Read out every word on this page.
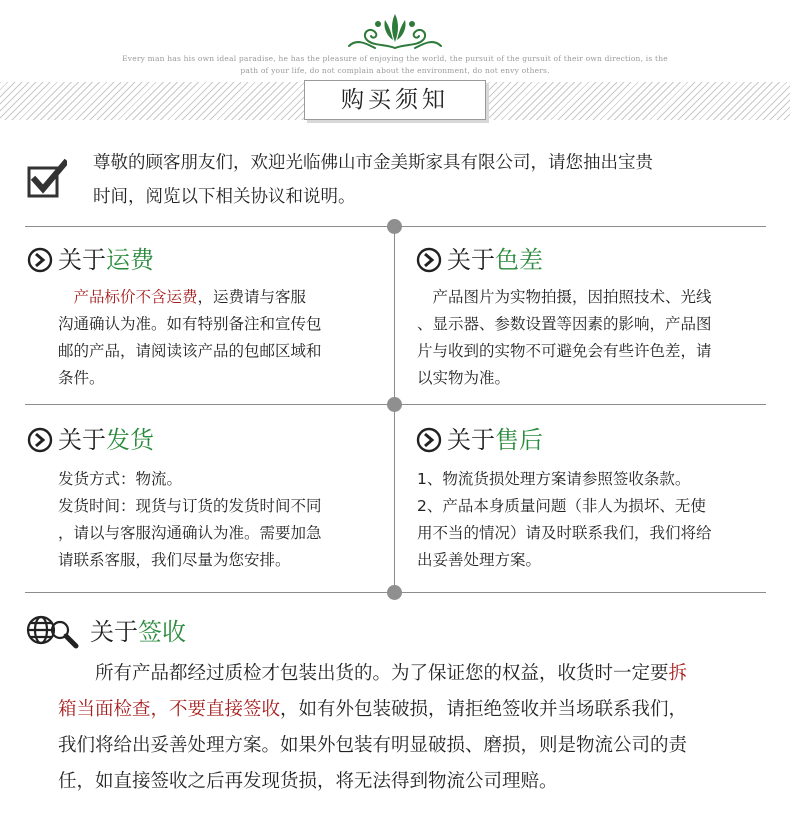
Every man has his own ideal paradise, he has the pleasure of enjoying the world, the pursuit of the gursuit of their own direction, is the
path of your life, do not complain about the environment, do not envy others.
购买须知
尊敬的顾客朋友们，欢迎光临佛山市金美斯家具有限公司，请您抽出宝贵
时间，阅览以下相关协议和说明。
关于运费
　产品标价不含运费，运费请与客服
沟通确认为准。如有特别备注和宣传包
邮的产品，请阅读该产品的包邮区域和
条件。
关于色差
　产品图片为实物拍摄，因拍照技术、光线
、显示器、参数设置等因素的影响，产品图
片与收到的实物不可避免会有些许色差，请
以实物为准。
关于发货
发货方式：物流。
发货时间：现货与订货的发货时间不同
，请以与客服沟通确认为准。需要加急
请联系客服，我们尽量为您安排。
关于售后
1、物流货损处理方案请参照签收条款。
2、产品本身质量问题（非人为损坏、无使
用不当的情况）请及时联系我们，我们将给
出妥善处理方案。
关于签收
　　所有产品都经过质检才包装出货的。为了保证您的权益，收货时一定要拆
箱当面检查，不要直接签收，如有外包装破损，请拒绝签收并当场联系我们，
我们将给出妥善处理方案。如果外包装有明显破损、磨损，则是物流公司的责
任，如直接签收之后再发现货损，将无法得到物流公司理赔。
